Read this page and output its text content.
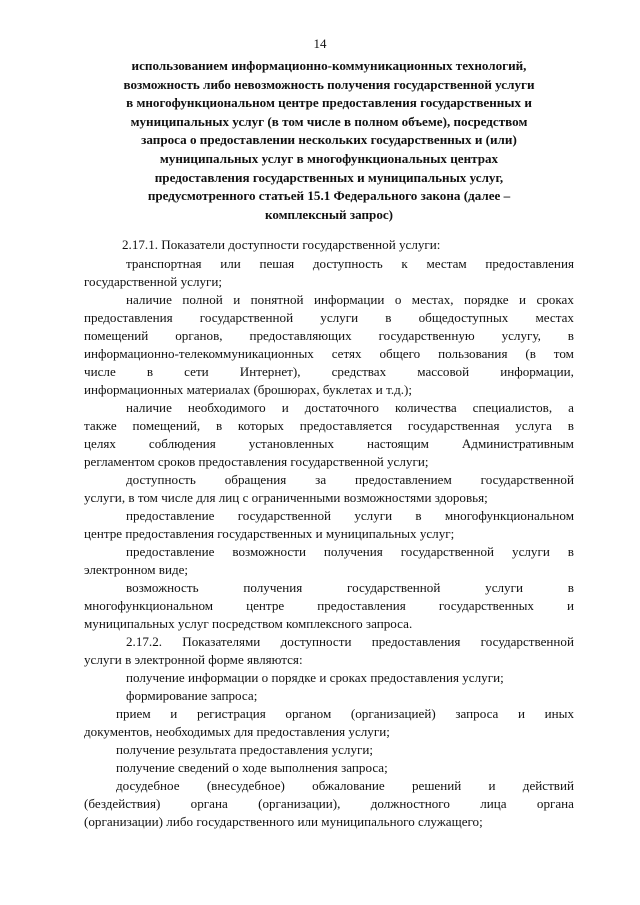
14
использованием информационно-коммуникационных технологий,
возможность либо невозможность получения государственной услуги
в многофункциональном центре предоставления государственных и
муниципальных услуг (в том числе в полном объеме), посредством
запроса о предоставлении нескольких государственных и (или)
муниципальных услуг в многофункциональных центрах
предоставления государственных и муниципальных услуг,
предусмотренного статьей 15.1 Федерального закона (далее –
комплексный запрос)
2.17.1. Показатели доступности государственной услуги:
транспортная или пешая доступность к местам предоставления
государственной услуги;
наличие полной и понятной информации о местах, порядке и сроках
предоставления государственной услуги в общедоступных местах
помещений органов, предоставляющих государственную услугу, в
информационно-телекоммуникационных сетях общего пользования (в том
числе в сети Интернет), средствах массовой информации,
информационных материалах (брошюрах, буклетах и т.д.);
наличие необходимого и достаточного количества специалистов, а
также помещений, в которых предоставляется государственная услуга в
целях	соблюдения	установленных	настоящим	Административным
регламентом сроков предоставления государственной услуги;
доступность обращения за предоставлением государственной
услуги, в том числе для лиц с ограниченными возможностями здоровья;
предоставление государственной услуги в многофункциональном
центре предоставления государственных и муниципальных услуг;
предоставление возможности получения государственной услуги в
электронном виде;
возможность	получения	государственной	услуги	в
многофункциональном	центре	предоставления	государственных	и
муниципальных услуг посредством комплексного запроса.
2.17.2. Показателями доступности предоставления государственной
услуги в электронной форме являются:
получение информации о порядке и сроках предоставления услуги;
формирование запроса;
прием и регистрация органом (организацией) запроса и иных
документов, необходимых для предоставления услуги;
получение результата предоставления услуги;
получение сведений о ходе выполнения запроса;
досудебное (внесудебное) обжалование решений и действий
(бездействия) органа (организации), должностного лица органа
(организации) либо государственного или муниципального служащего;
